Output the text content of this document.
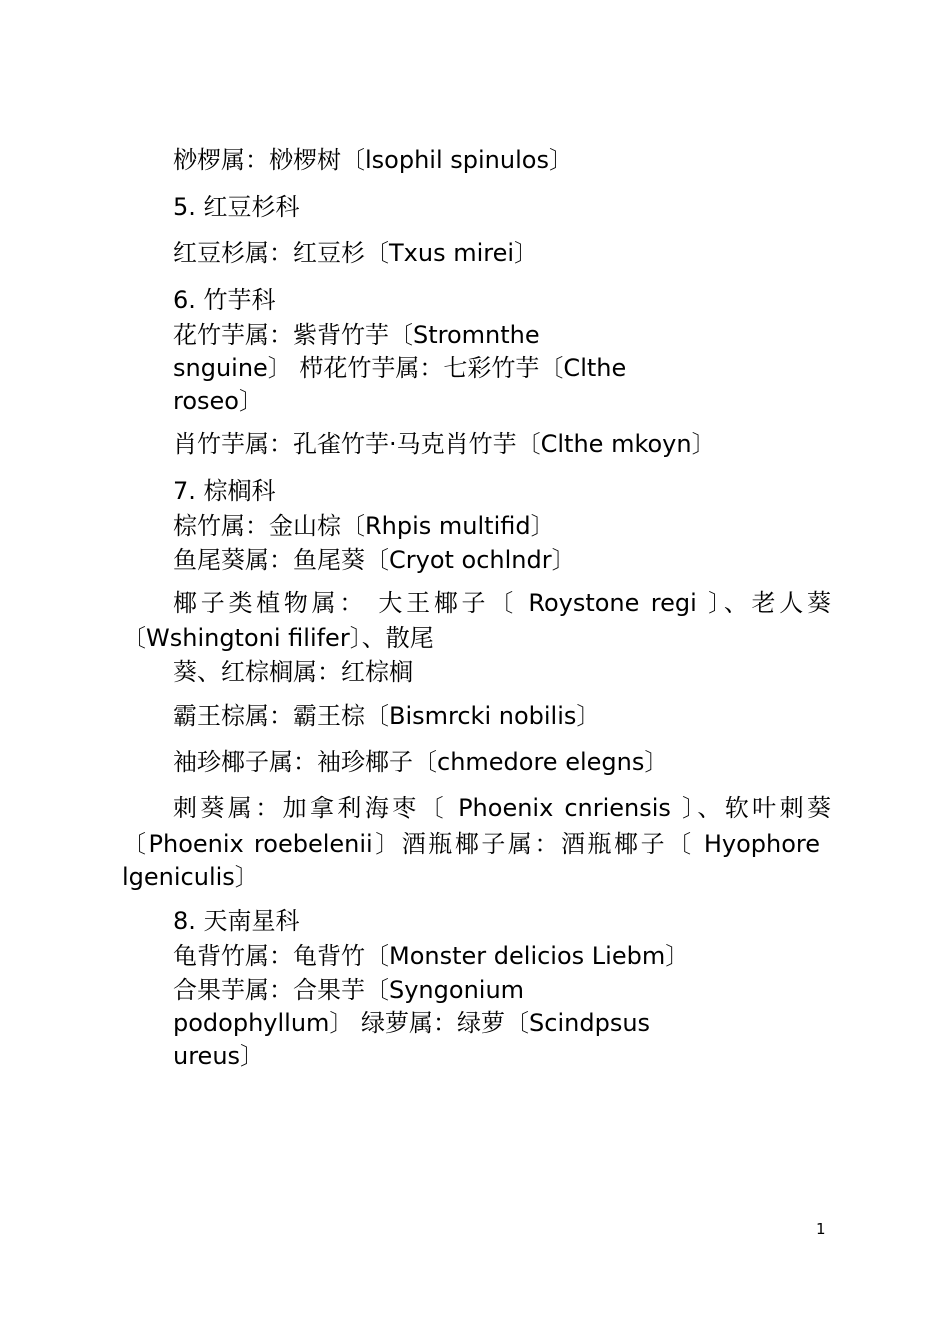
桫椤属：桫椤树〔lsophil spinulos〕
5. 红豆杉科
红豆杉属：红豆杉〔Txus mirei〕
6. 竹芋科
花竹芋属：紫背竹芋〔Stromnthe
snguine〕 栉花竹芋属：七彩竹芋〔Clthe
roseo〕
肖竹芋属：孔雀竹芋·马克肖竹芋〔Clthe mkoyn〕
7. 棕榈科
棕竹属：金山棕〔Rhpis multifid〕
鱼尾葵属：鱼尾葵〔Cryot ochlndr〕
椰子类植物属： 大王椰子〔 Roystone regi 〕、老人葵
〔Wshingtoni filifer〕、散尾
葵、红棕榈属：红棕榈
霸王棕属：霸王棕〔Bismrcki nobilis〕
袖珍椰子属：袖珍椰子〔chmedore elegns〕
刺葵属：加拿利海枣〔 Phoenix cnriensis 〕、软叶刺葵
〔Phoenix roebelenii〕酒瓶椰子属：酒瓶椰子〔 Hyophore
lgeniculis〕
8. 天南星科
龟背竹属：龟背竹〔Monster delicios Liebm〕
合果芋属：合果芋〔Syngonium
podophyllum〕 绿萝属：绿萝〔Scindpsus
ureus〕
1
